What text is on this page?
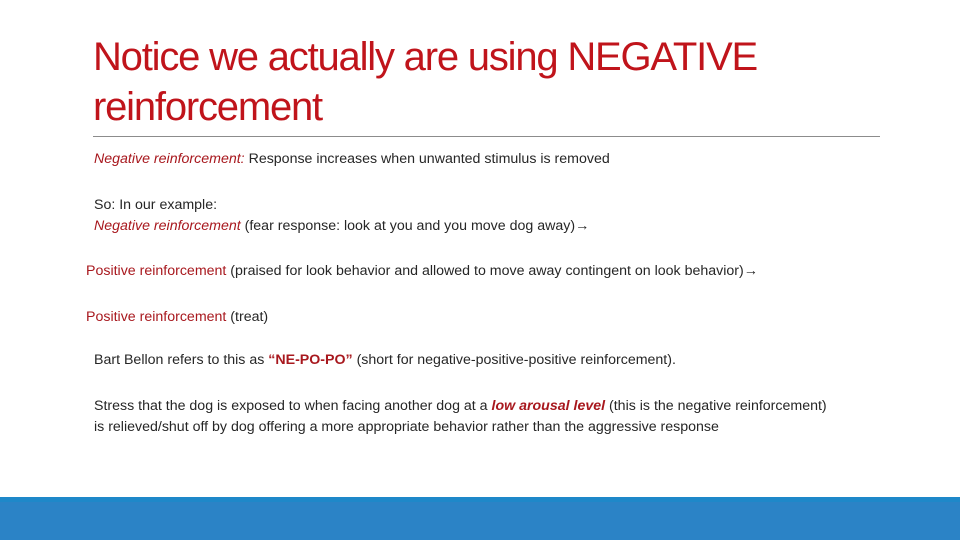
Notice we actually are using NEGATIVE
reinforcement
Negative reinforcement: Response increases when unwanted stimulus is removed
So: In our example:
Negative reinforcement (fear response: look at you and you move dog away)→
Positive reinforcement (praised for look behavior and allowed to move away contingent on look behavior)→
Positive reinforcement (treat)
Bart Bellon refers to this as “NE-PO-PO” (short for negative-positive-positive reinforcement).
Stress that the dog is exposed to when facing another dog at a low arousal level (this is the negative reinforcement) is relieved/shut off by dog offering a more appropriate behavior rather than the aggressive response
